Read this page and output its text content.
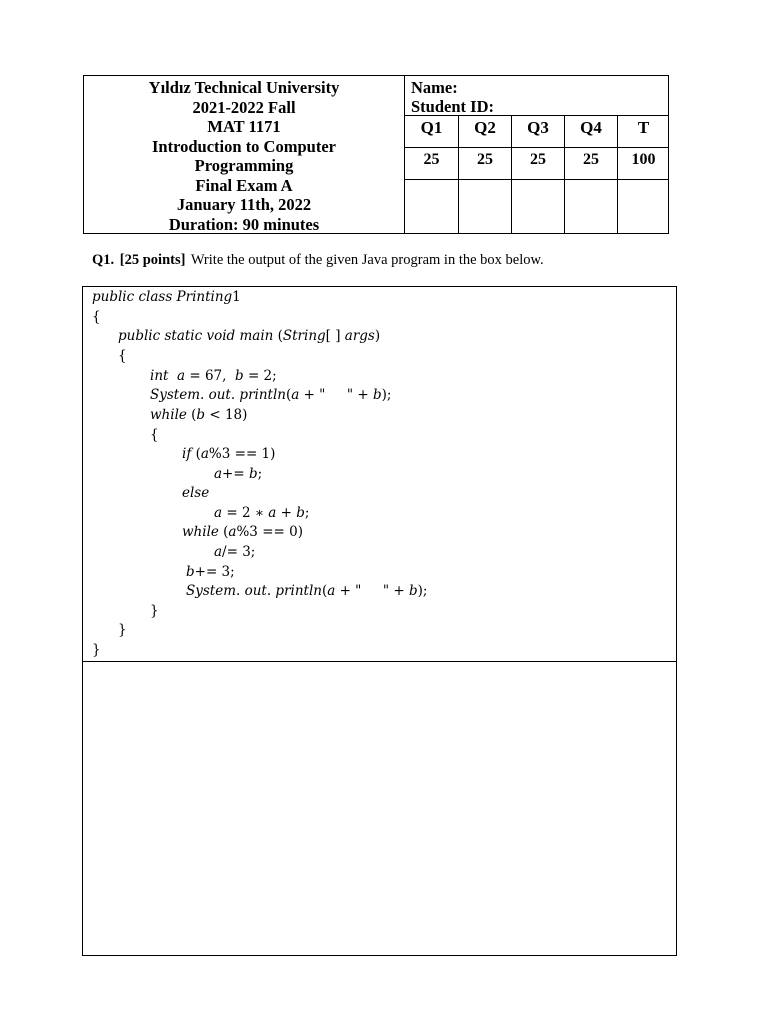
Yıldız Technical University
2021-2022 Fall
MAT 1171
Introduction to Computer
Programming
Final Exam A
January 11th, 2022
Duration: 90 minutes
Name:
Student ID:
Q1	Q2	Q3	Q4	T
25	25	25	25	100
Q1. [25 points] Write the output of the given Java program in the box below.
𝑝𝑢𝑏𝑙𝑖𝑐 𝑐𝑙𝑎𝑠𝑠 𝑃𝑟𝑖𝑛𝑡𝑖𝑛𝑔1
{
𝑝𝑢𝑏𝑙𝑖𝑐 𝑠𝑡𝑎𝑡𝑖𝑐 𝑣𝑜𝑖𝑑 𝑚𝑎𝑖𝑛 (𝑆𝑡𝑟𝑖𝑛𝑔[ ] 𝑎𝑟𝑔𝑠)
{
𝑖𝑛𝑡  𝑎 = 67,  𝑏 = 2;
𝑆𝑦𝑠𝑡𝑒𝑚. 𝑜𝑢𝑡. 𝑝𝑟𝑖𝑛𝑡𝑙𝑛(𝑎 + "     " + 𝑏);
𝑤ℎ𝑖𝑙𝑒 (𝑏 < 18)
{
𝑖𝑓 (𝑎%3 == 1)
𝑎+= 𝑏;
𝑒𝑙𝑠𝑒
𝑎 = 2 ∗ 𝑎 + 𝑏;
𝑤ℎ𝑖𝑙𝑒 (𝑎%3 == 0)
𝑎/= 3;
𝑏+= 3;
𝑆𝑦𝑠𝑡𝑒𝑚. 𝑜𝑢𝑡. 𝑝𝑟𝑖𝑛𝑡𝑙𝑛(𝑎 + "     " + 𝑏);
}
}
}
